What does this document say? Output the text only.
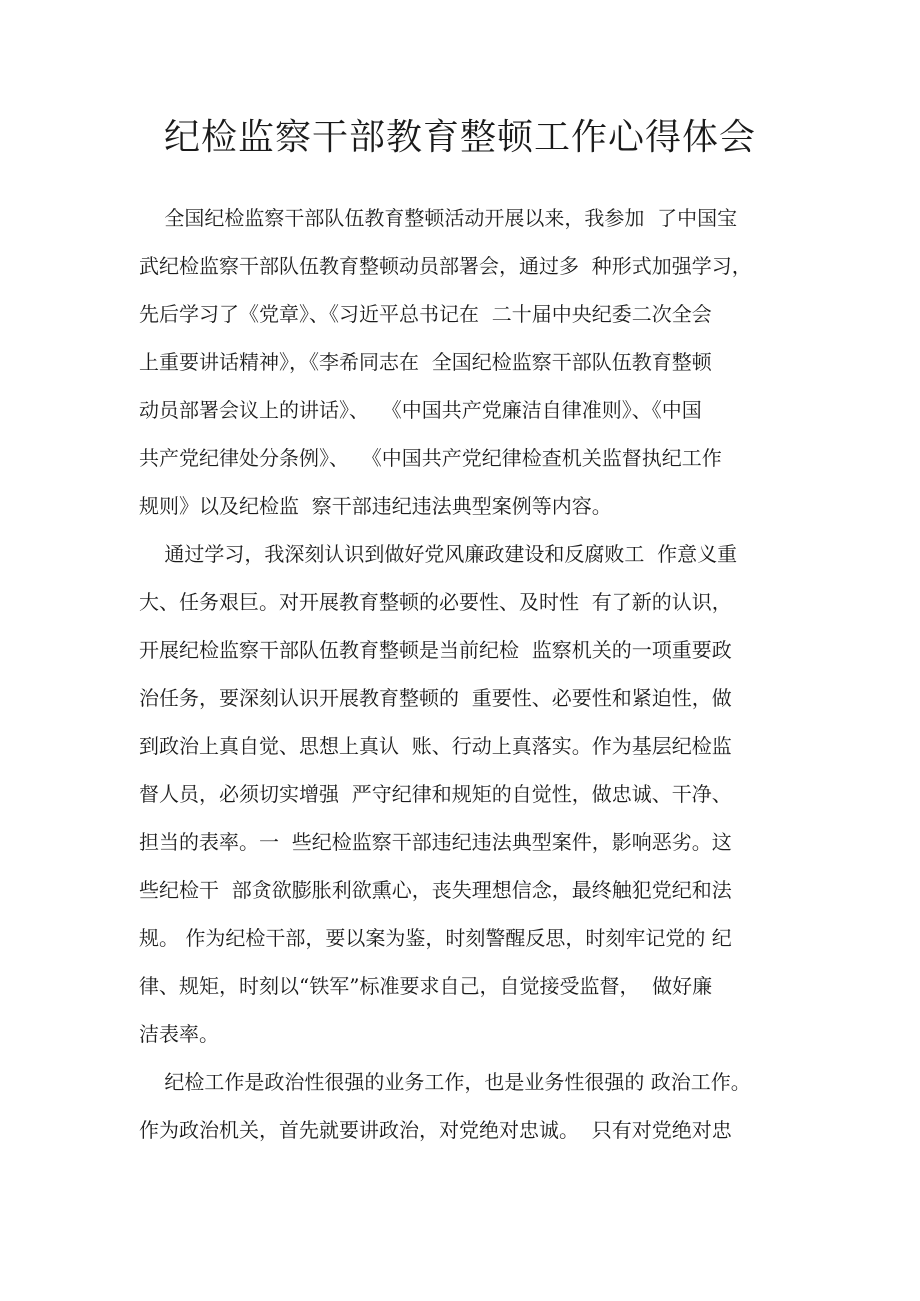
纪检监察干部教育整顿工作心得体会

全国纪检监察干部队伍教育整顿活动开展以来，我参加  了中国宝

武纪检监察干部队伍教育整顿动员部署会，通过多  种形式加强学习，

先后学习了《党章》、《习近平总书记在  二十届中央纪委二次全会

上重要讲话精神》，《李希同志在  全国纪检监察干部队伍教育整顿

动员部署会议上的讲话》、  《中国共产党廉洁自律准则》、《中国

共产党纪律处分条例》、  《中国共产党纪律检查机关监督执纪工作

规则》以及纪检监  察干部违纪违法典型案例等内容。

通过学习，我深刻认识到做好党风廉政建设和反腐败工  作意义重

大、任务艰巨。对开展教育整顿的必要性、及时性  有了新的认识，

开展纪检监察干部队伍教育整顿是当前纪检  监察机关的一项重要政

治任务，要深刻认识开展教育整顿的  重要性、必要性和紧迫性，做

到政治上真自觉、思想上真认  账、行动上真落实。作为基层纪检监

督人员，必须切实增强  严守纪律和规矩的自觉性，做忠诚、干净、

担当的表率。一  些纪检监察干部违纪违法典型案件，影响恶劣。这

些纪检干  部贪欲膨胀利欲熏心，丧失理想信念，最终触犯党纪和法

规。 作为纪检干部，要以案为鉴，时刻警醒反思，时刻牢记党的 纪

律、规矩，时刻以“铁军”标准要求自己，自觉接受监督，  做好廉

洁表率。

纪检工作是政治性很强的业务工作，也是业务性很强的 政治工作。

作为政治机关，首先就要讲政治，对党绝对忠诚。  只有对党绝对忠
